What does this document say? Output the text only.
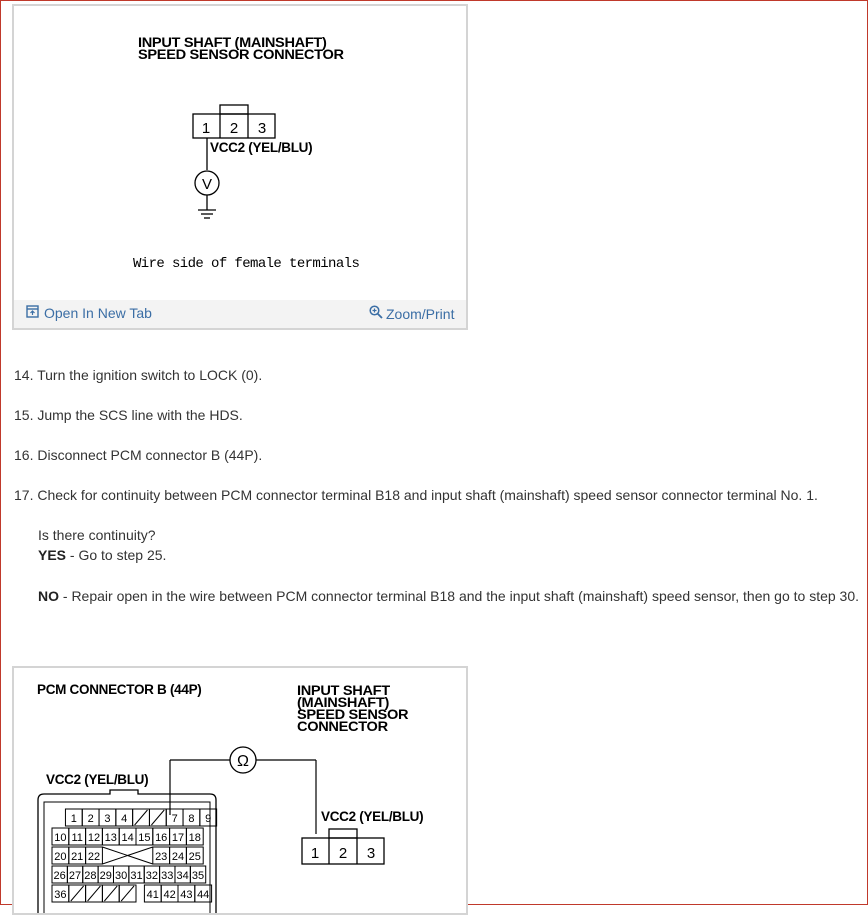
INPUT SHAFT (MAINSHAFT)
SPEED SENSOR CONNECTOR
1 2 3
V
VCC2 (YEL/BLU)
Wire side of female terminals
Open In New Tab	Zoom/Print
14. Turn the ignition switch to LOCK (0).
15. Jump the SCS line with the HDS.
16. Disconnect PCM connector B (44P).
17. Check for continuity between PCM connector terminal B18 and input shaft (mainshaft) speed sensor connector terminal No. 1.
Is there continuity?
YES - Go to step 25.
NO - Repair open in the wire between PCM connector terminal B18 and the input shaft (mainshaft) speed sensor, then go to step 30.
PCM CONNECTOR B (44P)	INPUT SHAFT
(MAINSHAFT)
SPEED SENSOR
CONNECTOR
VCC2 (YEL/BLU)
VCC2 (YEL/BLU)
Ω
1 2 3
1 2 3 4	7 8 9
10 11 12 13 14 15 16 17 18
20 21 22	23 24 25
26 27 28 29 30 31 32 33 34 35
36	41 42 43 44
